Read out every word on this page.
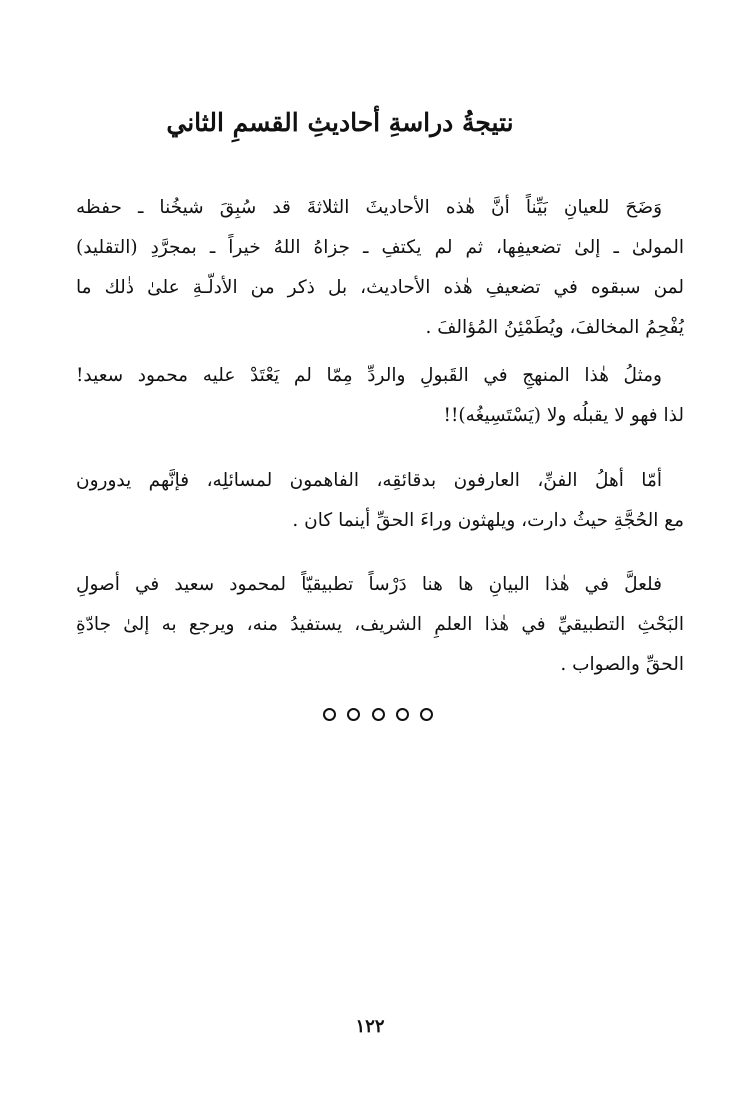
نتيجةُ دراسةِ أحاديثِ القسمِ الثاني
وَضَحَ للعيانِ بَيِّناً أنَّ هٰذه الأحاديثَ الثلاثةَ قد سُبِقَ شيخُنا ـ حفظه
المولىٰ ـ إلىٰ تضعيفِها، ثم لم يكتفِ ـ جزاهُ اللهُ خيراً ـ بمجرَّدِ (التقليد)
لمن سبقوه في تضعيفِ هٰذه الأحاديث، بل ذكر من الأدلّـةِ علىٰ ذٰلك ما
يُفْحِمُ المخالفَ، ويُطَمْئِنُ المُؤالفَ .
ومثلُ هٰذا المنهجِ في القَبولِ والردِّ مِمّا لم يَعْتَدْ عليه محمود سعيد!
لذا فهو لا يقبلُه ولا (يَسْتَسِيغُه)!!
أمّا أهلُ الفنِّ، العارفون بدقائقِه، الفاهمون لمسائلِه، فإنَّهم يدورون
مع الحُجَّةِ حيثُ دارت، ويلهثون وراءَ الحقِّ أينما كان .
فلعلَّ في هٰذا البيانِ ها هنا دَرْساً تطبيقيّاً لمحمود سعيد في أصولِ
البَحْثِ التطبيقيِّ في هٰذا العلمِ الشريف، يستفيدُ منه، ويرجع به إلىٰ جادّةِ
الحقِّ والصواب .
١٢٢
